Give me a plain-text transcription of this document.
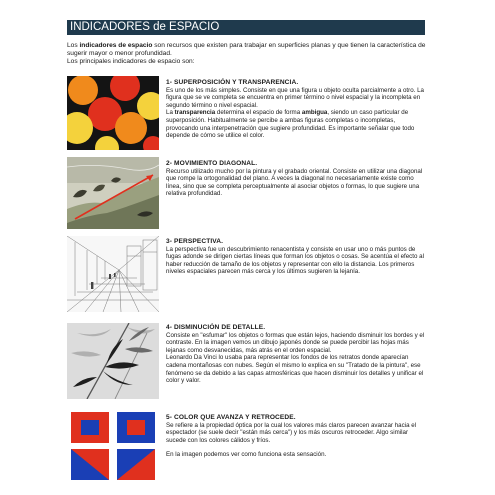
INDICADORES de ESPACIO
Los indicadores de espacio son recursos que existen para trabajar en superficies planas y que tienen la característica de sugerir mayor o menor profundidad.
Los principales indicadores de espacio son:
1- SUPERPOSICIÓN Y TRANSPARENCIA.
Es uno de los más simples. Consiste en que una figura u objeto oculta parcialmente a otro. La figura que se ve completa se encuentra en primer término o nivel espacial y la incompleta en segundo término o nivel espacial.
La transparencia determina el espacio de forma ambigua, siendo un caso particular de superposición. Habitualmente se percibe a ambas figuras completas o incompletas, provocando una interpenetración que sugiere profundidad. Es importante señalar que todo depende de cómo se utilice el color.
2- MOVIMIENTO DIAGONAL.
Recurso utilizado mucho por la pintura y el grabado oriental. Consiste en utilizar una diagonal que rompe la ortogonalidad del plano. A veces la diagonal no necesariamente existe como línea, sino que se completa perceptualmente al asociar objetos o formas, lo que sugiere una relativa profundidad.
3- PERSPECTIVA.
La perspectiva fue un descubrimiento renacentista y consiste en usar uno o más puntos de fugas adonde se dirigen ciertas líneas que forman los objetos o cosas. Se acentúa el efecto al haber reducción de tamaño de los objetos y representar con ello la distancia. Los primeros niveles espaciales parecen más cerca y los últimos sugieren la lejanía.
4- DISMINUCIÓN DE DETALLE.
Consiste en "esfumar" los objetos o formas que están lejos, haciendo disminuir los bordes y el contraste. En la imagen vemos un dibujo japonés donde se puede percibir las hojas más lejanas como desvanecidas, más atrás en el orden espacial.
Leonardo Da Vinci lo usaba para representar los fondos de los retratos donde aparecían cadena montañosas con nubes. Según el mismo lo explica en su "Tratado de la pintura", ese fenómeno se da debido a las capas atmosféricas que hacen disminuir los detalles y unificar el color y valor.
5- COLOR QUE AVANZA Y RETROCEDE.
Se refiere a la propiedad óptica por la cual los valores más claros parecen avanzar hacia el espectador (se suele decir "están más cerca") y los más oscuros retroceder. Algo similar sucede con los colores cálidos y fríos.
En la imagen podemos ver como funciona esta sensación.
